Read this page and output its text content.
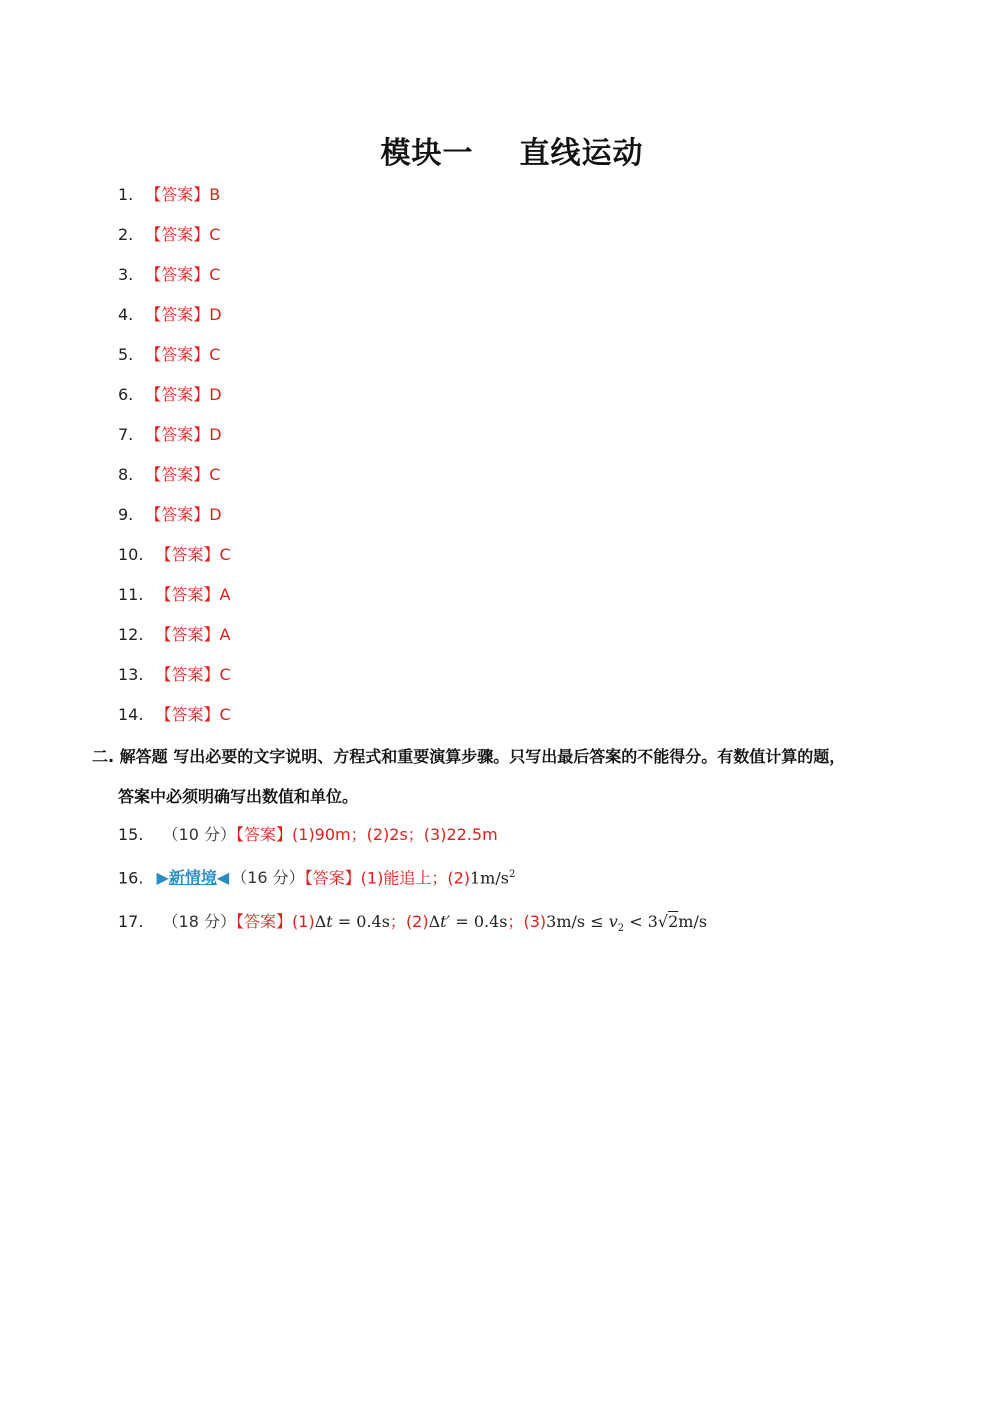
模块一 直线运动
1. 【答案】B
2. 【答案】C
3. 【答案】C
4. 【答案】D
5. 【答案】C
6. 【答案】D
7. 【答案】D
8. 【答案】C
9. 【答案】D
10. 【答案】C
11. 【答案】A
12. 【答案】A
13. 【答案】C
14. 【答案】C
二. 解答题 写出必要的文字说明、方程式和重要演算步骤。只写出最后答案的不能得分。有数值计算的题，
答案中必须明确写出数值和单位。
15. （10 分）【答案】(1)90m；(2)2s；(3)22.5m
16. ▶新情境◀ （16 分）【答案】(1)能追上；$(2)1m/s^2$
17. （18 分）【答案】(1)Δt = 0.4s；(2)Δt′ = 0.4s；$(3)3m/s \le v_2 < 3√2m/s$
